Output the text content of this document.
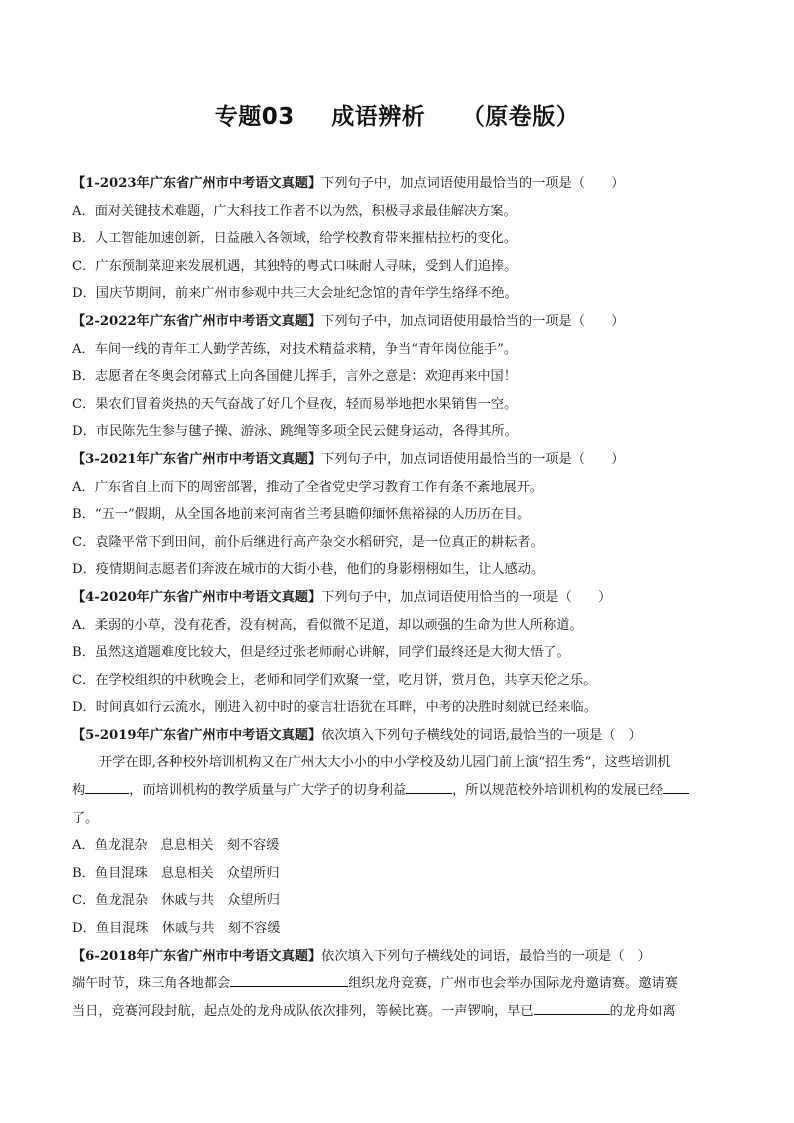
专题03 成语辨析 （原卷版）
【1-2023年广东省广州市中考语文真题】下列句子中，加点词语使用最恰当的一项是（　　）
A．面对关键技术难题，广大科技工作者不以为然，积极寻求最佳解决方案。
B．人工智能加速创新，日益融入各领域，给学校教育带来摧枯拉朽的变化。
C．广东预制菜迎来发展机遇，其独特的粤式口味耐人寻味，受到人们追捧。
D．国庆节期间，前来广州市参观中共三大会址纪念馆的青年学生络绎不绝。
【2-2022年广东省广州市中考语文真题】下列句子中，加点词语使用最恰当的一项是（　　）
A．车间一线的青年工人勤学苦练，对技术精益求精，争当“青年岗位能手”。
B．志愿者在冬奥会闭幕式上向各国健儿挥手，言外之意是：欢迎再来中国！
C．果农们冒着炎热的天气奋战了好几个昼夜，轻而易举地把水果销售一空。
D．市民陈先生参与毽子操、游泳、跳绳等多项全民云健身运动，各得其所。
【3-2021年广东省广州市中考语文真题】下列句子中，加点词语使用最恰当的一项是（　　）
A．广东省自上而下的周密部署，推动了全省党史学习教育工作有条不紊地展开。
B．“五一”假期，从全国各地前来河南省兰考县瞻仰缅怀焦裕禄的人历历在目。
C．袁隆平常下到田间，前仆后继进行高产杂交水稻研究，是一位真正的耕耘者。
D．疫情期间志愿者们奔波在城市的大街小巷，他们的身影栩栩如生，让人感动。
【4-2020年广东省广州市中考语文真题】下列句子中，加点词语使用恰当的一项是（　　）
A．柔弱的小草，没有花香，没有树高，看似微不足道，却以顽强的生命为世人所称道。
B．虽然这道题难度比较大，但是经过张老师耐心讲解，同学们最终还是大彻大悟了。
C．在学校组织的中秋晚会上，老师和同学们欢聚一堂，吃月饼，赏月色，共享天伦之乐。
D．时间真如行云流水，刚进入初中时的豪言壮语犹在耳畔，中考的决胜时刻就已经来临。
【5-2019年广东省广州市中考语文真题】依次填入下列句子横线处的词语,最恰当的一项是（　）
开学在即,各种校外培训机构又在广州大大小小的中小学校及幼儿园门前上演“招生秀”，这些培训机
构	，而培训机构的教学质量与广大学子的切身利益	，所以规范校外培训机构的发展已经
了。
A．鱼龙混杂　息息相关　刻不容缓
B．鱼目混珠　息息相关　众望所归
C．鱼龙混杂　休戚与共　众望所归
D．鱼目混珠　休戚与共　刻不容缓
【6-2018年广东省广州市中考语文真题】依次填入下列句子横线处的词语，最恰当的一项是（　）
端午时节，珠三角各地都会	组织龙舟竞赛，广州市也会举办国际龙舟邀请赛。邀请赛
当日，竞赛河段封航，起点处的龙舟成队依次排列，等候比赛。一声锣响，早已	的龙舟如离
